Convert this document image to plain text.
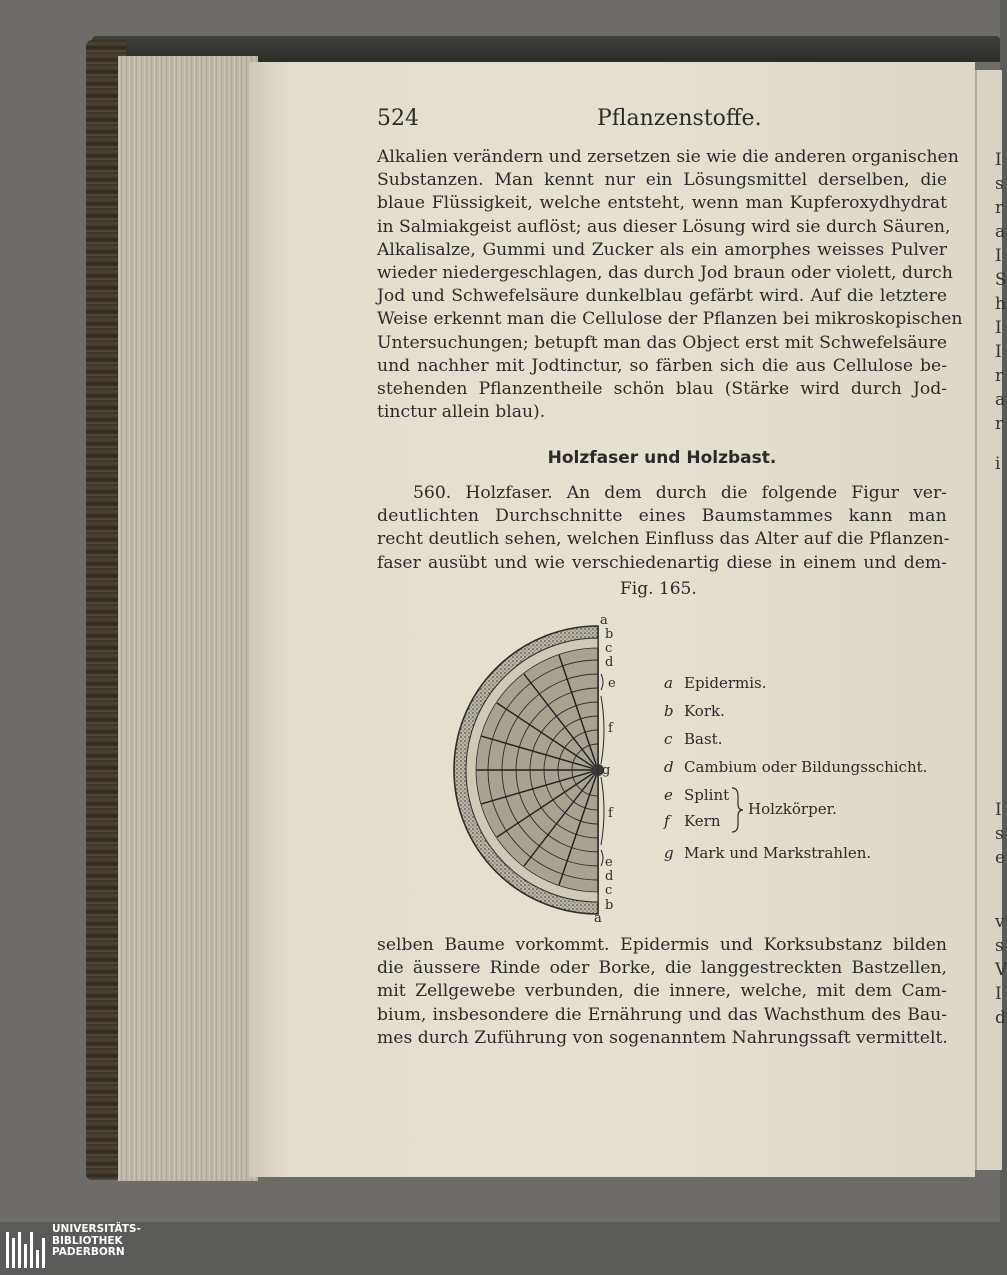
I
s
r
a
I
S
h
I
I
r
a
r
i
I
s
e
v
s
V
I
d
524	Pflanzenstoffe.
Alkalien verändern und zersetzen sie wie die anderen organischen
Substanzen. Man kennt nur ein Lösungsmittel derselben, die
blaue Flüssigkeit, welche entsteht, wenn man Kupferoxydhydrat
in Salmiakgeist auflöst; aus dieser Lösung wird sie durch Säuren,
Alkalisalze, Gummi und Zucker als ein amorphes weisses Pulver
wieder niedergeschlagen, das durch Jod braun oder violett, durch
Jod und Schwefelsäure dunkelblau gefärbt wird. Auf die letztere
Weise erkennt man die Cellulose der Pflanzen bei mikroskopischen
Untersuchungen; betupft man das Object erst mit Schwefelsäure
und nachher mit Jodtinctur, so färben sich die aus Cellulose be-
stehenden Pflanzentheile schön blau (Stärke wird durch Jod-
tinctur allein blau).
Holzfaser und Holzbast.
560. Holzfaser. An dem durch die folgende Figur ver-
deutlichten Durchschnitte eines Baumstammes kann man
recht deutlich sehen, welchen Einfluss das Alter auf die Pflanzen-
faser ausübt und wie verschiedenartig diese in einem und dem-
Fig. 165.
a
b
c
d
e
f
g
f
e
d
c
b
a
a Epidermis.
b Kork.
c Bast.
d Cambium oder Bildungsschicht.
e Splint
f Kern
g Mark und Markstrahlen.
Holzkörper.
selben Baume vorkommt. Epidermis und Korksubstanz bilden
die äussere Rinde oder Borke, die langgestreckten Bastzellen,
mit Zellgewebe verbunden, die innere, welche, mit dem Cam-
bium, insbesondere die Ernährung und das Wachsthum des Bau-
mes durch Zuführung von sogenanntem Nahrungssaft vermittelt.
UNIVERSITÄTS-
BIBLIOTHEK
PADERBORN
